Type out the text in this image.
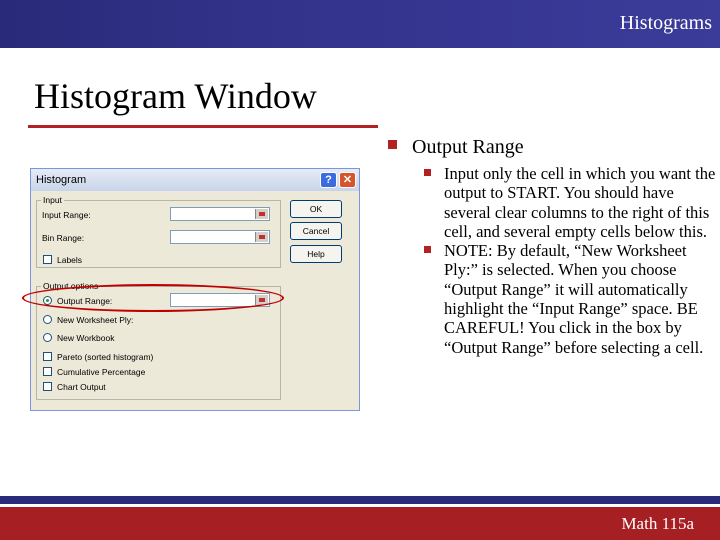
Histograms
Histogram Window
Output Range
Input only the cell in which you want the output to START. You should have several clear columns to the right of this cell, and several empty cells below this.
NOTE: By default, “New Worksheet Ply:” is selected. When you choose “Output Range” it will automatically highlight the “Input Range” space. BE CAREFUL! You click in the box by “Output Range” before selecting a cell.
Histogram	?	✕
Input
Input Range:
Bin Range:
Labels
Output options
Output Range:
New Worksheet Ply:
New Workbook
Pareto (sorted histogram)
Cumulative Percentage
Chart Output
OK
Cancel
Help
Math 115a
